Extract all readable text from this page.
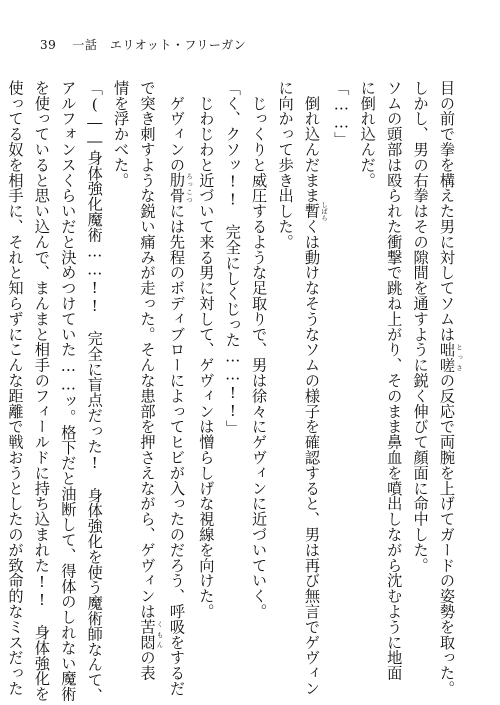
39 一話　エリオット・フリーガン
目の前で拳を構えた男に対してソムは咄嗟 とっさの反応で両腕を上げてガードの姿勢を取った。
しかし、男の右拳はその隙間を通すように鋭く伸びて顔面に命中した。
ソムの頭部は殴られた衝撃で跳ね上がり、そのまま鼻血を噴出しながら沈むように地面
に倒れ込んだ。
「……」
　倒れ込んだまま暫 しばらくは動けなそうなソムの様子を確認すると、男は再び無言でゲヴィン
に向かって歩き出した。
　じっくりと威圧するような足取りで、男は徐々にゲヴィンに近づいていく。
「く、クソッ!!　完全にしくじった……!!」
　じわじわと近づいて来る男に対して、ゲヴィンは憎らしげな視線を向けた。
　ゲヴィンの肋骨 ろっこつには先程のボディブローによってヒビが入ったのだろう、呼吸をするだ
で突き刺すような鋭い痛みが走った。そんな患部を押さえながら、ゲヴィンは苦悶 くもんの表
情を浮かべた。
「(――身体強化魔術……!!　完全に盲点だった!　身体強化を使う魔術師なんて、
アルフォンスくらいだと決めつけていた……ッ。格下だと油断して、得体のしれない魔術
を使っていると思い込んで、まんまと相手のフィールドに持ち込まれた!!　身体強化を
使ってる奴を相手に、それと知らずにこんな距離で戦おうとしたのが致命的なミスだった
